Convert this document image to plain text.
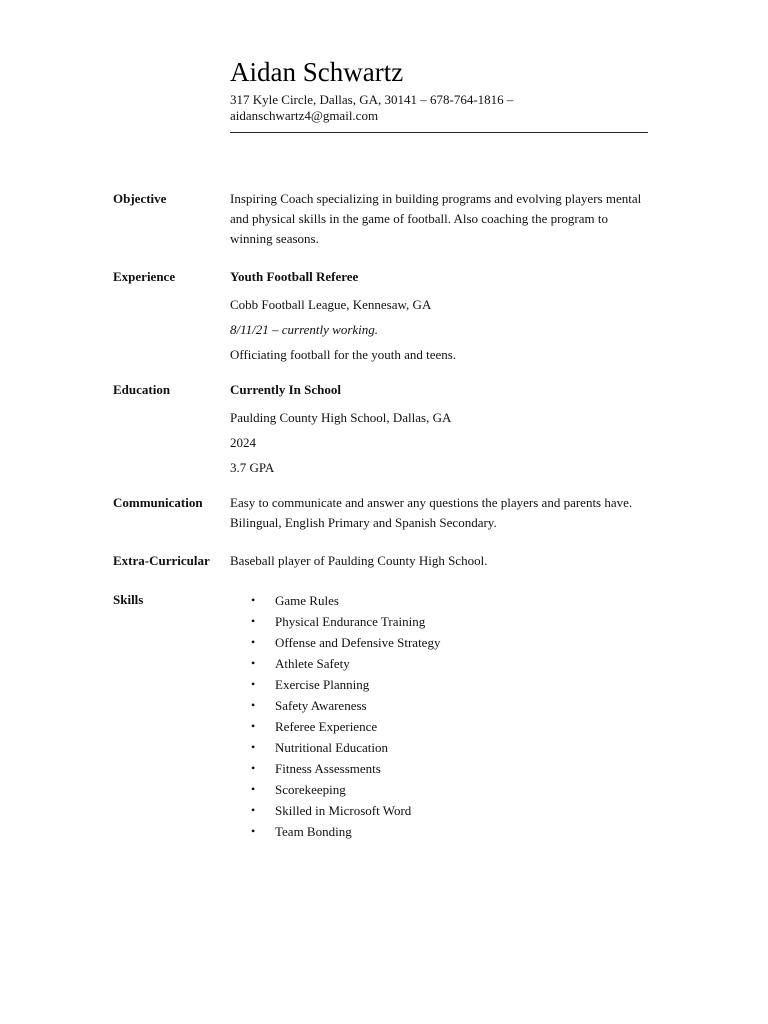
Aidan Schwartz
317 Kyle Circle, Dallas, GA, 30141 – 678-764-1816 –
aidanschwartz4@gmail.com
Objective	Inspiring Coach specializing in building programs and evolving players mental and physical skills in the game of football. Also coaching the program to winning seasons.

Experience	Youth Football Referee

Cobb Football League, Kennesaw, GA

8/11/21 – currently working.

Officiating football for the youth and teens.

Education	Currently In School

Paulding County High School, Dallas, GA

2024

3.7 GPA

Communication	Easy to communicate and answer any questions the players and parents have. Bilingual, English Primary and Spanish Secondary.

Extra-Curricular	Baseball player of Paulding County High School.

Skills	• Game Rules
• Physical Endurance Training
• Offense and Defensive Strategy
• Athlete Safety
• Exercise Planning
• Safety Awareness
• Referee Experience
• Nutritional Education
• Fitness Assessments
• Scorekeeping
• Skilled in Microsoft Word
• Team Bonding
